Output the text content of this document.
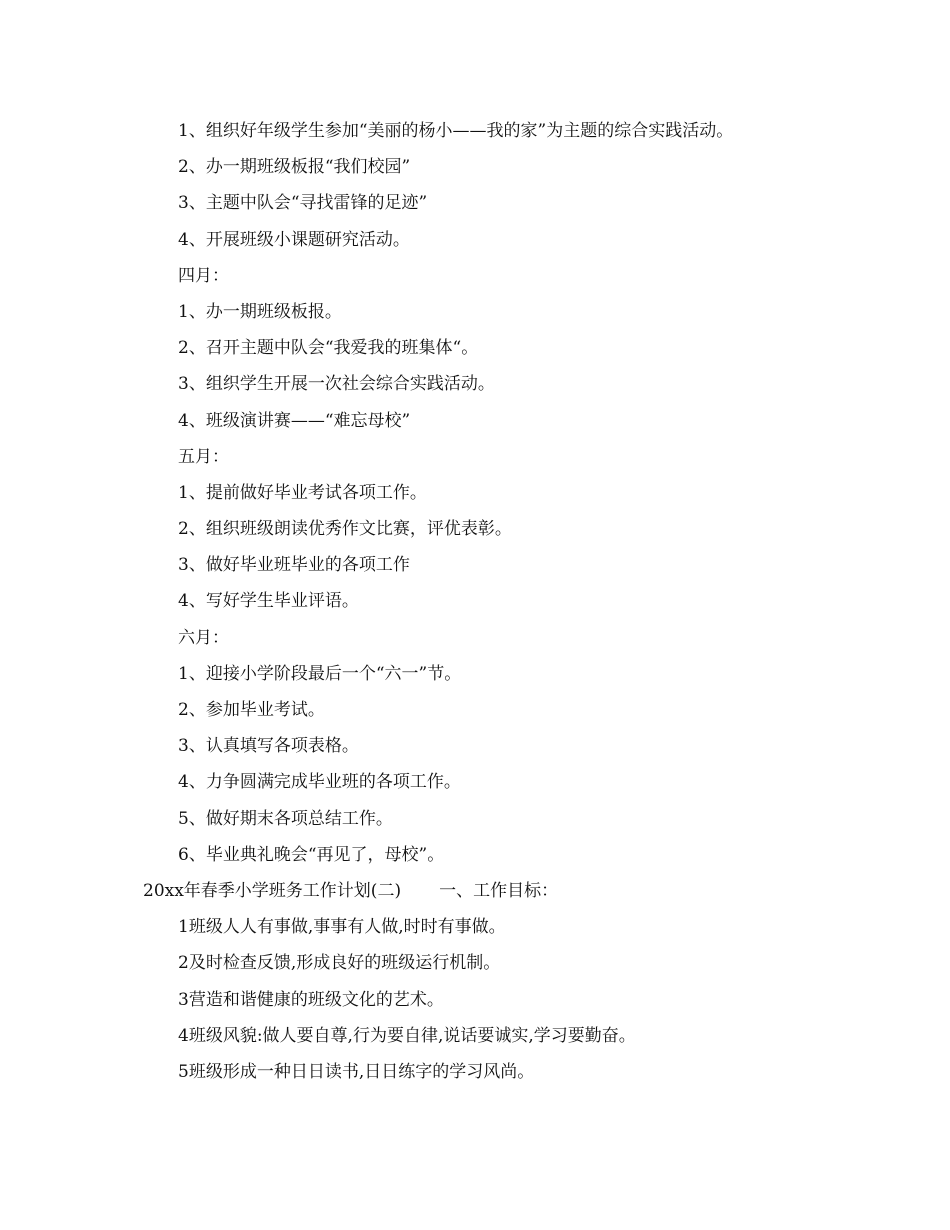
1、组织好年级学生参加“美丽的杨小——我的家”为主题的综合实践活动。
2、办一期班级板报“我们校园”
3、主题中队会“寻找雷锋的足迹”
4、开展班级小课题研究活动。
四月：
1、办一期班级板报。
2、召开主题中队会“我爱我的班集体“。
3、组织学生开展一次社会综合实践活动。
4、班级演讲赛——“难忘母校”
五月：
1、提前做好毕业考试各项工作。
2、组织班级朗读优秀作文比赛，评优表彰。
3、做好毕业班毕业的各项工作
4、写好学生毕业评语。
六月：
1、迎接小学阶段最后一个“六一”节。
2、参加毕业考试。
3、认真填写各项表格。
4、力争圆满完成毕业班的各项工作。
5、做好期末各项总结工作。
6、毕业典礼晚会“再见了，母校”。
20xx年春季小学班务工作计划(二) 一、工作目标：
1班级人人有事做,事事有人做,时时有事做。
2及时检查反馈,形成良好的班级运行机制。
3营造和谐健康的班级文化的艺术。
4班级风貌:做人要自尊,行为要自律,说话要诚实,学习要勤奋。
5班级形成一种日日读书,日日练字的学习风尚。
